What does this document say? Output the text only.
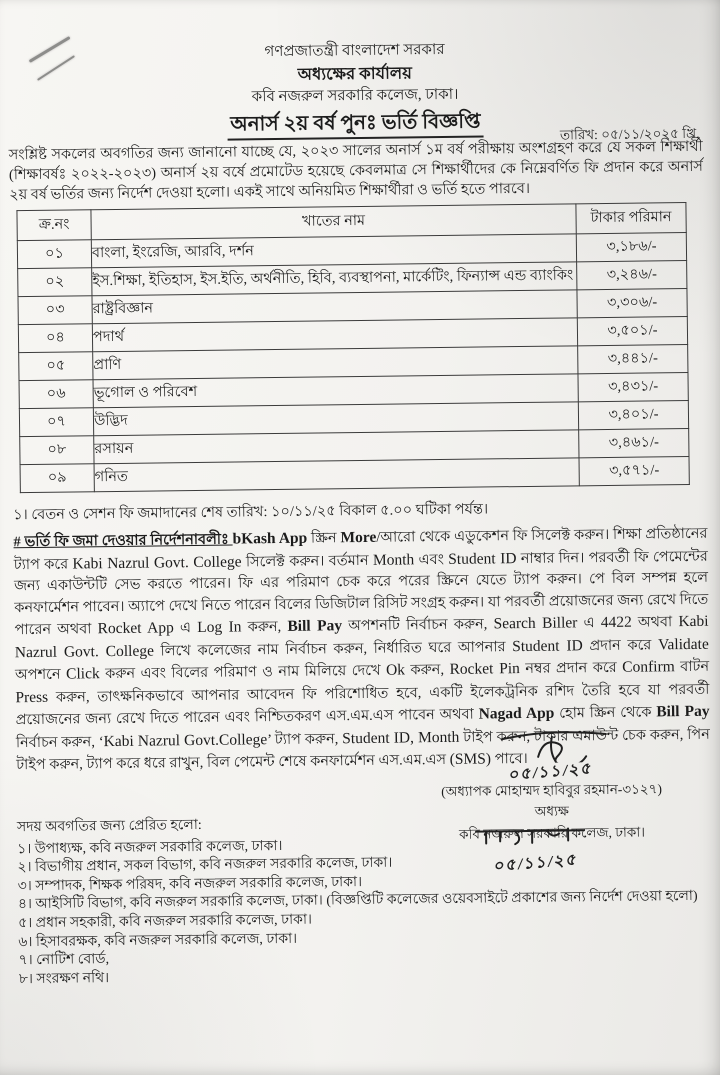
গণপ্রজাতন্ত্রী বাংলাদেশ সরকার
অধ্যক্ষের কার্যালয়
কবি নজরুল সরকারি কলেজ, ঢাকা।
অনার্স ২য় বর্ষ পুনঃ ভর্তি বিজ্ঞপ্তি	তারিখ: ০৫/১১/২০২৫ খ্রি.

সংশ্লিষ্ট সকলের অবগতির জন্য জানানো যাচ্ছে যে, ২০২৩ সালের অনার্স ১ম বর্ষ পরীক্ষায় অংশগ্রহণ করে যে সকল শিক্ষার্থী (শিক্ষাবর্ষঃ ২০২২-২০২৩) অনার্স ২য় বর্ষে প্রমোটেড হয়েছে কেবলমাত্র সে শিক্ষার্থীদের কে নিম্নেবর্ণিত ফি প্রদান করে অনার্স ২য় বর্ষ ভর্তির জন্য নির্দেশ দেওয়া হলো। একই সাথে অনিয়মিত শিক্ষার্থীরা ও ভর্তি হতে পারবে।

ক্র.নং	খাতের নাম	টাকার পরিমান
০১	বাংলা, ইংরেজি, আরবি, দর্শন	৩,১৮৬/-
০২	ইস.শিক্ষা, ইতিহাস, ইস.ইতি, অর্থনীতি, হিবি, ব্যবস্থাপনা, মার্কেটিং, ফিন্যান্স এন্ড ব্যাংকিং	৩,২৪৬/-
০৩	রাষ্ট্রবিজ্ঞান	৩,৩০৬/-
০৪	পদার্থ	৩,৫০১/-
০৫	প্রাণি	৩,৪৪১/-
০৬	ভূগোল ও পরিবেশ	৩,৪৩১/-
০৭	উদ্ভিদ	৩,৪০১/-
০৮	রসায়ন	৩,৪৬১/-
০৯	গনিত	৩,৫৭১/-

১। বেতন ও সেশন ফি জমাদানের শেষ তারিখ: ১০/১১/২৫ বিকাল ৫.০০ ঘটিকা পর্যন্ত।

# ভর্তি ফি জমা দেওয়ার নির্দেশনাবলীঃ bKash App স্ক্রিন More/আরো থেকে এডুকেশন ফি সিলেক্ট করুন। শিক্ষা প্রতিষ্ঠানের ট্যাপ করে Kabi Nazrul Govt. College সিলেক্ট করুন। বর্তমান Month এবং Student ID নাম্বার দিন। পরবর্তী ফি পেমেন্টের জন্য একাউন্টটি সেভ করতে পারেন। ফি এর পরিমাণ চেক করে পরের স্ক্রিনে যেতে ট্যাপ করুন। পে বিল সম্পন্ন হলে কনফার্মেশন পাবেন। অ্যাপে দেখে নিতে পারেন বিলের ডিজিটাল রিসিট সংগ্রহ করুন। যা পরবর্তী প্রয়োজনের জন্য রেখে দিতে পারেন অথবা Rocket App এ Log In করুন, Bill Pay অপশনটি নির্বাচন করুন, Search Biller এ 4422 অথবা Kabi Nazrul Govt. College লিখে কলেজের নাম নির্বাচন করুন, নির্ধারিত ঘরে আপনার Student ID প্রদান করে Validate অপশনে Click করুন এবং বিলের পরিমাণ ও নাম মিলিয়ে দেখে Ok করুন, Rocket Pin নম্বর প্রদান করে Confirm বাটন Press করুন, তাৎক্ষনিকভাবে আপনার আবেদন ফি পরিশোধিত হবে, একটি ইলেকট্রনিক রশিদ তৈরি হবে যা পরবর্তী প্রয়োজনের জন্য রেখে দিতে পারেন এবং নিশ্চিতকরণ এস.এম.এস পাবেন অথবা Nagad App হোম স্ক্রিন থেকে Bill Pay নির্বাচন করুন, ‘Kabi Nazrul Govt.College’ ট্যাপ করুন, Student ID, Month টাইপ করুন, টাকার এমাউন্ট চেক করুন, পিন টাইপ করুন, ট্যাপ করে ধরে রাখুন, বিল পেমেন্ট শেষে কনফার্মেশন এস.এম.এস (SMS) পাবে।

০৫/১১/২৫
(অধ্যাপক মোহাম্মদ হাবিবুর রহমান-৩১২৭)
অধ্যক্ষ
কবি নজরুল সরকারি কলেজ, ঢাকা।
০৫/১১/২৫
সদয় অবগতির জন্য প্রেরিত হলো:
১। উপাধ্যক্ষ, কবি নজরুল সরকারি কলেজ, ঢাকা।
২। বিভাগীয় প্রধান, সকল বিভাগ, কবি নজরুল সরকারি কলেজ, ঢাকা।
৩। সম্পাদক, শিক্ষক পরিষদ, কবি নজরুল সরকারি কলেজ, ঢাকা।
৪। আইসিটি বিভাগ, কবি নজরুল সরকারি কলেজ, ঢাকা। (বিজ্ঞপ্তিটি কলেজের ওয়েবসাইটে প্রকাশের জন্য নির্দেশ দেওয়া হলো)
৫। প্রধান সহকারী, কবি নজরুল সরকারি কলেজ, ঢাকা।
৬। হিসাবরক্ষক, কবি নজরুল সরকারি কলেজ, ঢাকা।
৭। নোটিশ বোর্ড,
৮। সংরক্ষণ নথি।
